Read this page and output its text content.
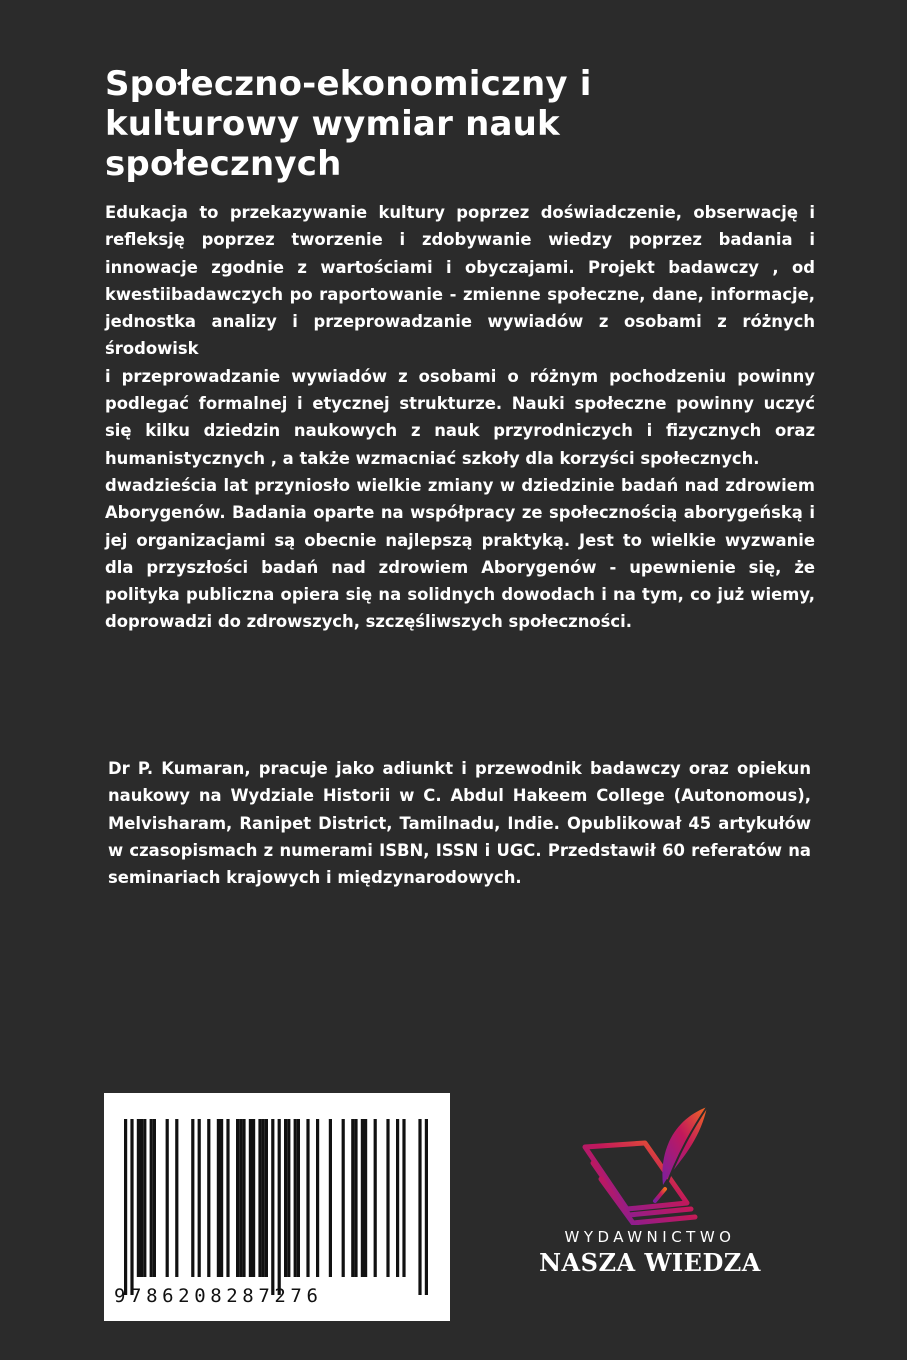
Społeczno-ekonomiczny i kulturowy wymiar nauk społecznych

Edukacja to przekazywanie kultury poprzez doświadczenie, obserwację i refleksję poprzez tworzenie i zdobywanie wiedzy poprzez badania i innowacje zgodnie z wartościami i obyczajami. Projekt badawczy , od kwestiibadawczych po raportowanie - zmienne społeczne, dane, informacje, jednostka analizy i przeprowadzanie wywiadów z osobami z różnych środowisk

i przeprowadzanie wywiadów z osobami o różnym pochodzeniu powinny podlegać formalnej i etycznej strukturze. Nauki społeczne powinny uczyć się kilku dziedzin naukowych z nauk przyrodniczych i fizycznych oraz humanistycznych , a także wzmacniać szkoły dla korzyści społecznych.

dwadzieścia lat przyniosło wielkie zmiany w dziedzinie badań nad zdrowiem Aborygenów. Badania oparte na współpracy ze społecznością aborygeńską i jej organizacjami są obecnie najlepszą praktyką. Jest to wielkie wyzwanie dla przyszłości badań nad zdrowiem Aborygenów - upewnienie się, że polityka publiczna opiera się na solidnych dowodach i na tym, co już wiemy, doprowadzi do zdrowszych, szczęśliwszych społeczności.

Dr P. Kumaran, pracuje jako adiunkt i przewodnik badawczy oraz opiekun naukowy na Wydziale Historii w C. Abdul Hakeem College (Autonomous), Melvisharam, Ranipet District, Tamilnadu, Indie. Opublikował 45 artykułów w czasopismach z numerami ISBN, ISSN i UGC. Przedstawił 60 referatów na seminariach krajowych i międzynarodowych.

9786208287276
WYDAWNICTWO
NASZA WIEDZA
